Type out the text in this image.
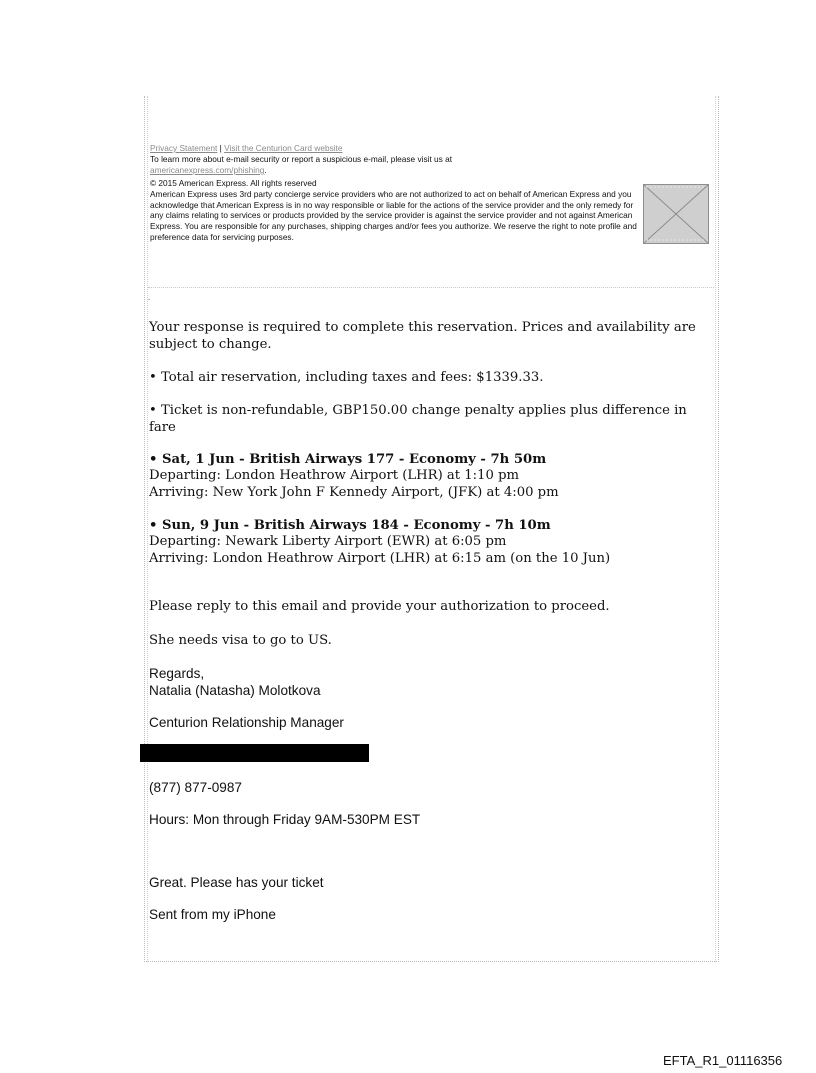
Privacy Statement | Visit the Centurion Card website
To learn more about e-mail security or report a suspicious e-mail, please visit us at
americanexpress.com/phishing.
© 2015 American Express. All rights reserved
American Express uses 3rd party concierge service providers who are not authorized to act on behalf of American Express and you acknowledge that American Express is in no way responsible or liable for the actions of the service provider and the only remedy for any claims relating to services or products provided by the service provider is against the service provider and not against American Express. You are responsible for any purchases, shipping charges and/or fees you authorize. We reserve the right to note profile and preference data for servicing purposes.
.

Your response is required to complete this reservation. Prices and availability are subject to change.

• Total air reservation, including taxes and fees: $1339.33.

• Ticket is non-refundable, GBP150.00 change penalty applies plus difference in fare

• Sat, 1 Jun - British Airways 177 - Economy - 7h 50m

Departing: London Heathrow Airport (LHR) at 1:10 pm

Arriving: New York John F Kennedy Airport, (JFK) at 4:00 pm

• Sun, 9 Jun - British Airways 184 - Economy - 7h 10m

Departing: Newark Liberty Airport (EWR) at 6:05 pm

Arriving: London Heathrow Airport (LHR) at 6:15 am (on the 10 Jun)

Please reply to this email and provide your authorization to proceed.

She needs visa to go to US.

Regards,

Natalia (Natasha) Molotkova

Centurion Relationship Manager

(877) 877-0987

Hours: Mon through Friday 9AM-530PM EST

Great. Please has your ticket

Sent from my iPhone

EFTA_R1_01116356
